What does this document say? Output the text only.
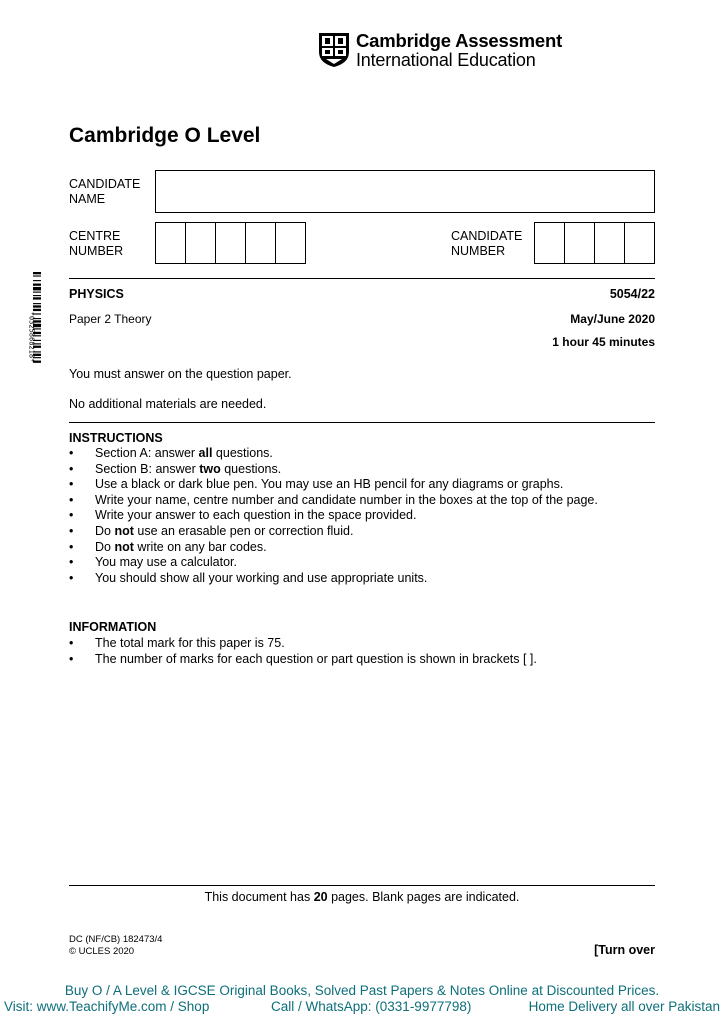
Cambridge Assessment
International Education
Cambridge O Level
CANDIDATE
NAME
CENTRE
NUMBER
CANDIDATE
NUMBER
*0325868218*
PHYSICS	5054/22
Paper 2 Theory	May/June 2020
1 hour 45 minutes
You must answer on the question paper.
No additional materials are needed.
INSTRUCTIONS
• Section A: answer all questions.
• Section B: answer two questions.
• Use a black or dark blue pen. You may use an HB pencil for any diagrams or graphs.
• Write your name, centre number and candidate number in the boxes at the top of the page.
• Write your answer to each question in the space provided.
• Do not use an erasable pen or correction fluid.
• Do not write on any bar codes.
• You may use a calculator.
• You should show all your working and use appropriate units.
INFORMATION
• The total mark for this paper is 75.
• The number of marks for each question or part question is shown in brackets [ ].
This document has 20 pages. Blank pages are indicated.
DC (NF/CB) 182473/4
© UCLES 2020	[Turn over
Buy O / A Level & IGCSE Original Books, Solved Past Papers & Notes Online at Discounted Prices.
Visit: www.TeachifyMe.com / Shop	Call / WhatsApp: (0331-9977798)	Home Delivery all over Pakistan
